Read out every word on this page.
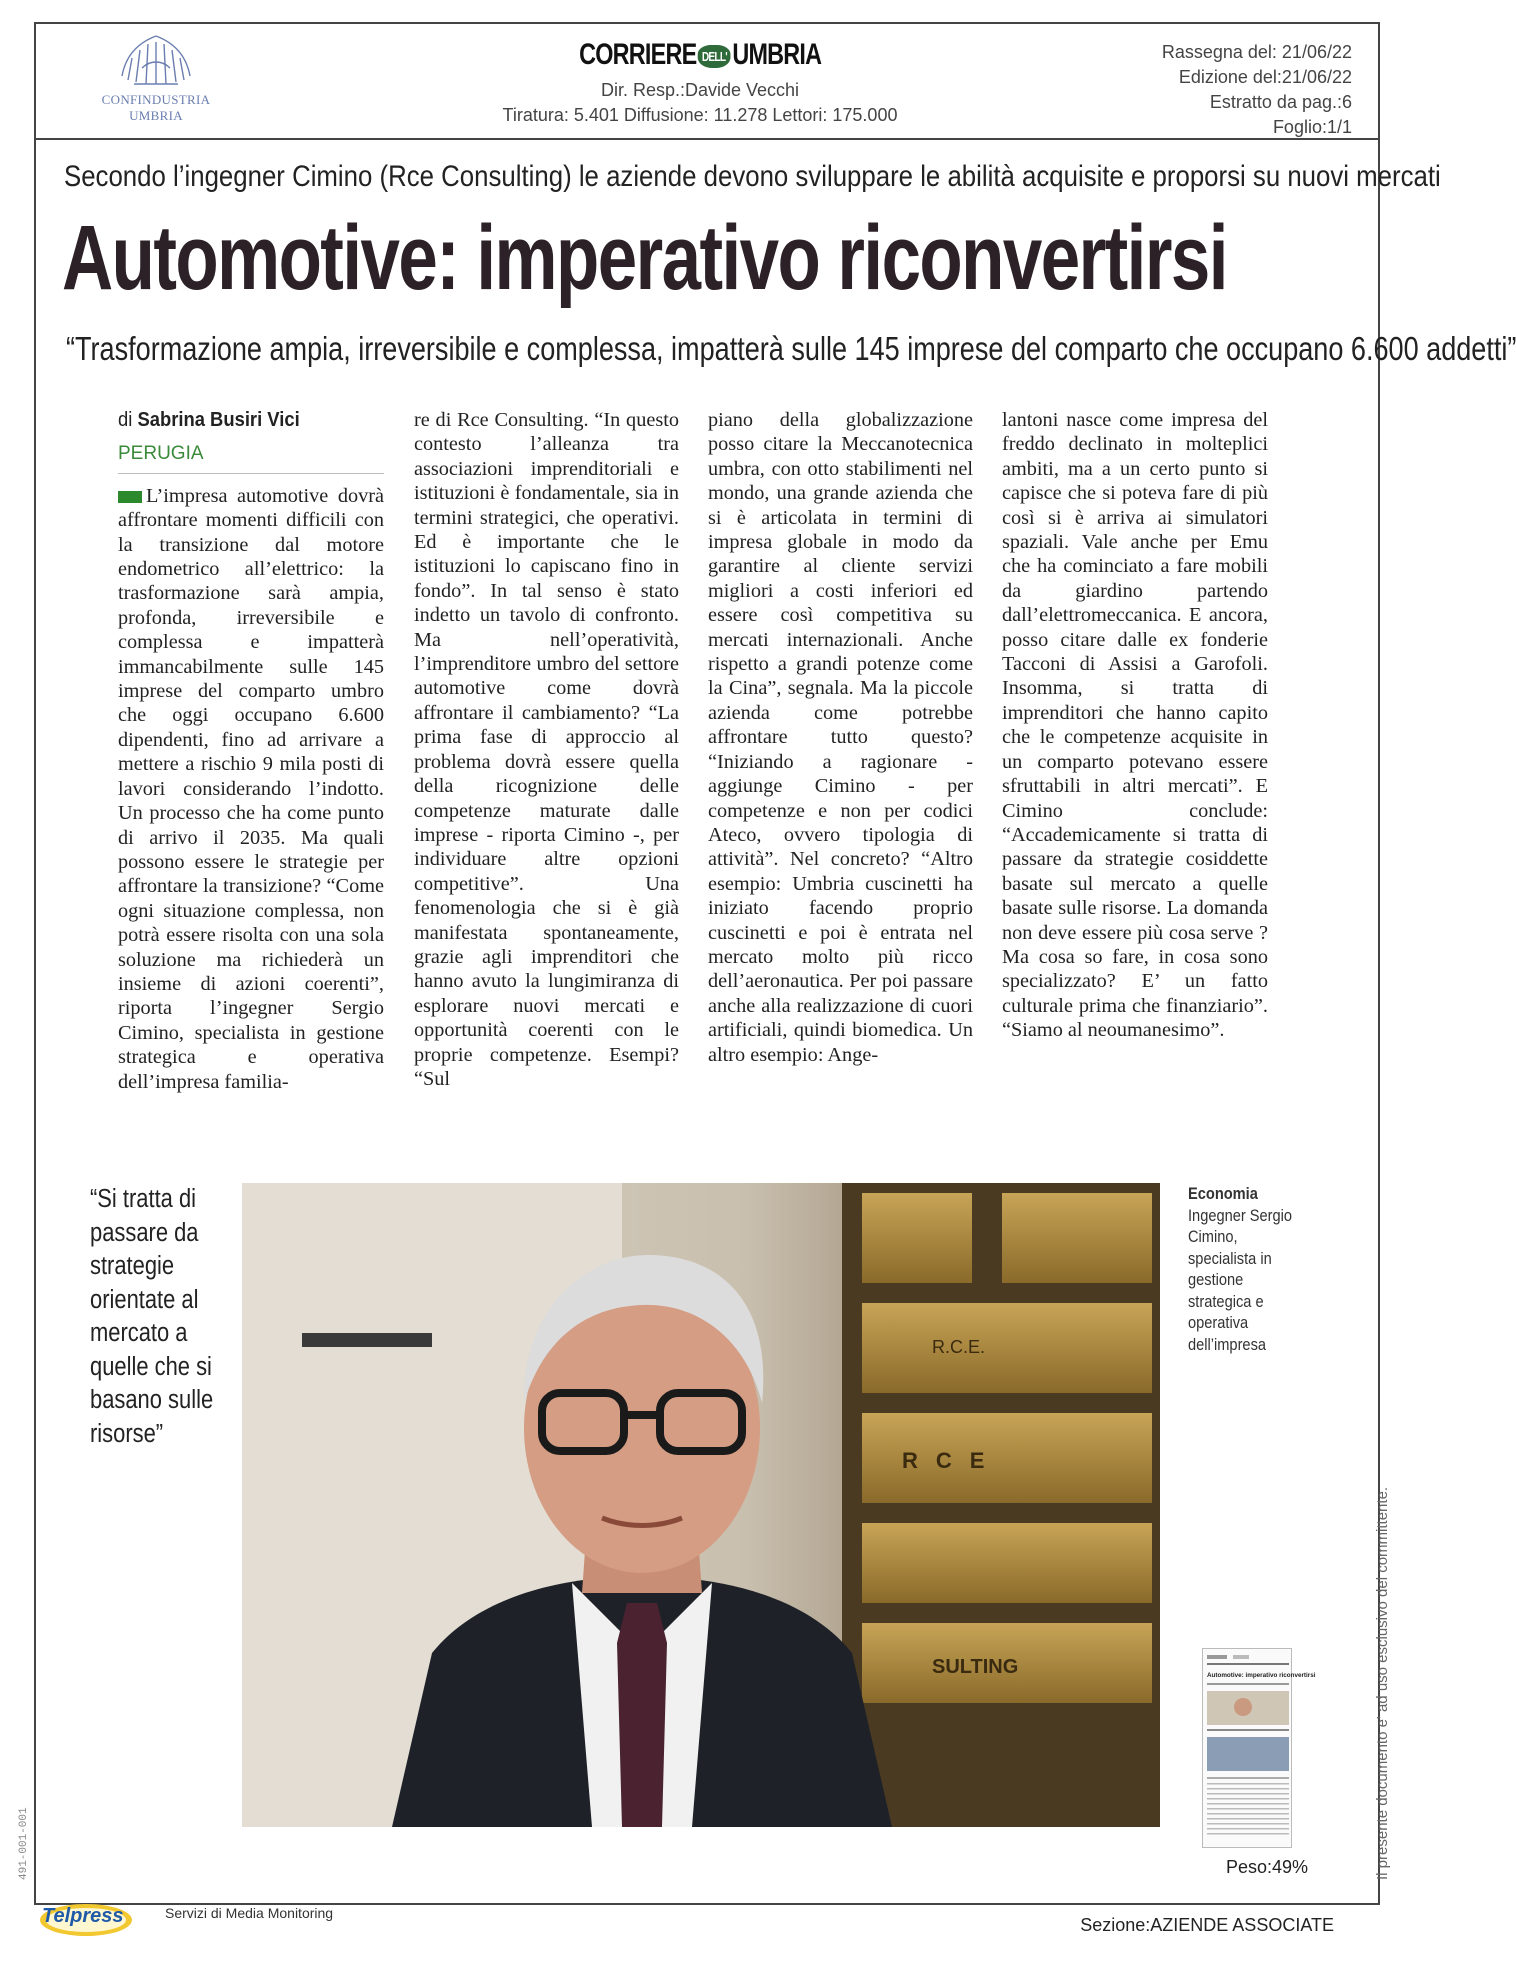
CONFINDUSTRIA UMBRIA
CORRIERE DELL' UMBRIA
Dir. Resp.:Davide Vecchi
Tiratura: 5.401 Diffusione: 11.278 Lettori: 175.000
Rassegna del: 21/06/22
Edizione del:21/06/22
Estratto da pag.:6
Foglio:1/1
Secondo l’ingegner Cimino (Rce Consulting) le aziende devono sviluppare le abilità acquisite e proporsi su nuovi mercati
Automotive: imperativo riconvertirsi
“Trasformazione ampia, irreversibile e complessa, impatterà sulle 145 imprese del comparto che occupano 6.600 addetti”
di Sabrina Busiri Vici
PERUGIA

L’impresa automotive dovrà affrontare momenti difficili con la transizione dal motore endometrico all’elettrico: la trasformazione sarà ampia, profonda, irreversibile e complessa e impatterà immancabilmente sulle 145 imprese del comparto umbro che oggi occupano 6.600 dipendenti, fino ad arrivare a mettere a rischio 9 mila posti di lavori considerando l’indotto. Un processo che ha come punto di arrivo il 2035. Ma quali possono essere le strategie per affrontare la transizione? “Come ogni situazione complessa, non potrà essere risolta con una sola soluzione ma richiederà un insieme di azioni coerenti”, riporta l’ingegner Sergio Cimino, specialista in gestione strategica e operativa dell’impresa familia-

re di Rce Consulting. “In questo contesto l’alleanza tra associazioni imprenditoriali e istituzioni è fondamentale, sia in termini strategici, che operativi. Ed è importante che le istituzioni lo capiscano fino in fondo”. In tal senso è stato indetto un tavolo di confronto. Ma nell’operatività, l’imprenditore umbro del settore automotive come dovrà affrontare il cambiamento? “La prima fase di approccio al problema dovrà essere quella della ricognizione delle competenze maturate dalle imprese - riporta Cimino -, per individuare altre opzioni competitive”. Una fenomenologia che si è già manifestata spontaneamente, grazie agli imprenditori che hanno avuto la lungimiranza di esplorare nuovi mercati e opportunità coerenti con le proprie competenze. Esempi? “Sul

piano della globalizzazione posso citare la Meccanotecnica umbra, con otto stabilimenti nel mondo, una grande azienda che si è articolata in termini di impresa globale in modo da garantire al cliente servizi migliori a costi inferiori ed essere così competitiva su mercati internazionali. Anche rispetto a grandi potenze come la Cina”, segnala. Ma la piccole azienda come potrebbe affrontare tutto questo? “Iniziando a ragionare - aggiunge Cimino - per competenze e non per codici Ateco, ovvero tipologia di attività”. Nel concreto? “Altro esempio: Umbria cuscinetti ha iniziato facendo proprio cuscinetti e poi è entrata nel mercato molto più ricco dell’aeronautica. Per poi passare anche alla realizzazione di cuori artificiali, quindi biomedica. Un altro esempio: Ange-

lantoni nasce come impresa del freddo declinato in molteplici ambiti, ma a un certo punto si capisce che si poteva fare di più così si è arriva ai simulatori spaziali. Vale anche per Emu che ha cominciato a fare mobili da giardino partendo dall’elettromeccanica. E ancora, posso citare dalle ex fonderie Tacconi di Assisi a Garofoli. Insomma, si tratta di imprenditori che hanno capito che le competenze acquisite in un comparto potevano essere sfruttabili in altri mercati”. E Cimino conclude: “Accademicamente si tratta di passare da strategie cosiddette basate sul mercato a quelle basate sulle risorse. La domanda non deve essere più cosa serve ? Ma cosa so fare, in cosa sono specializzato? E’ un fatto culturale prima che finanziario”. “Siamo al neoumanesimo”.

“Si tratta di passare da strategie orientate al mercato a quelle che si basano sulle risorse”
R.C.E.
RCE
SULTING
Economia
Ingegner Sergio Cimino, specialista in gestione strategica e operativa dell’impresa
Automotive: imperativo riconvertirsi
Peso:49%	Il presente documento e' ad uso esclusivo del committente.
491-001-001
Telpress	Servizi di Media Monitoring
Sezione:AZIENDE ASSOCIATE
